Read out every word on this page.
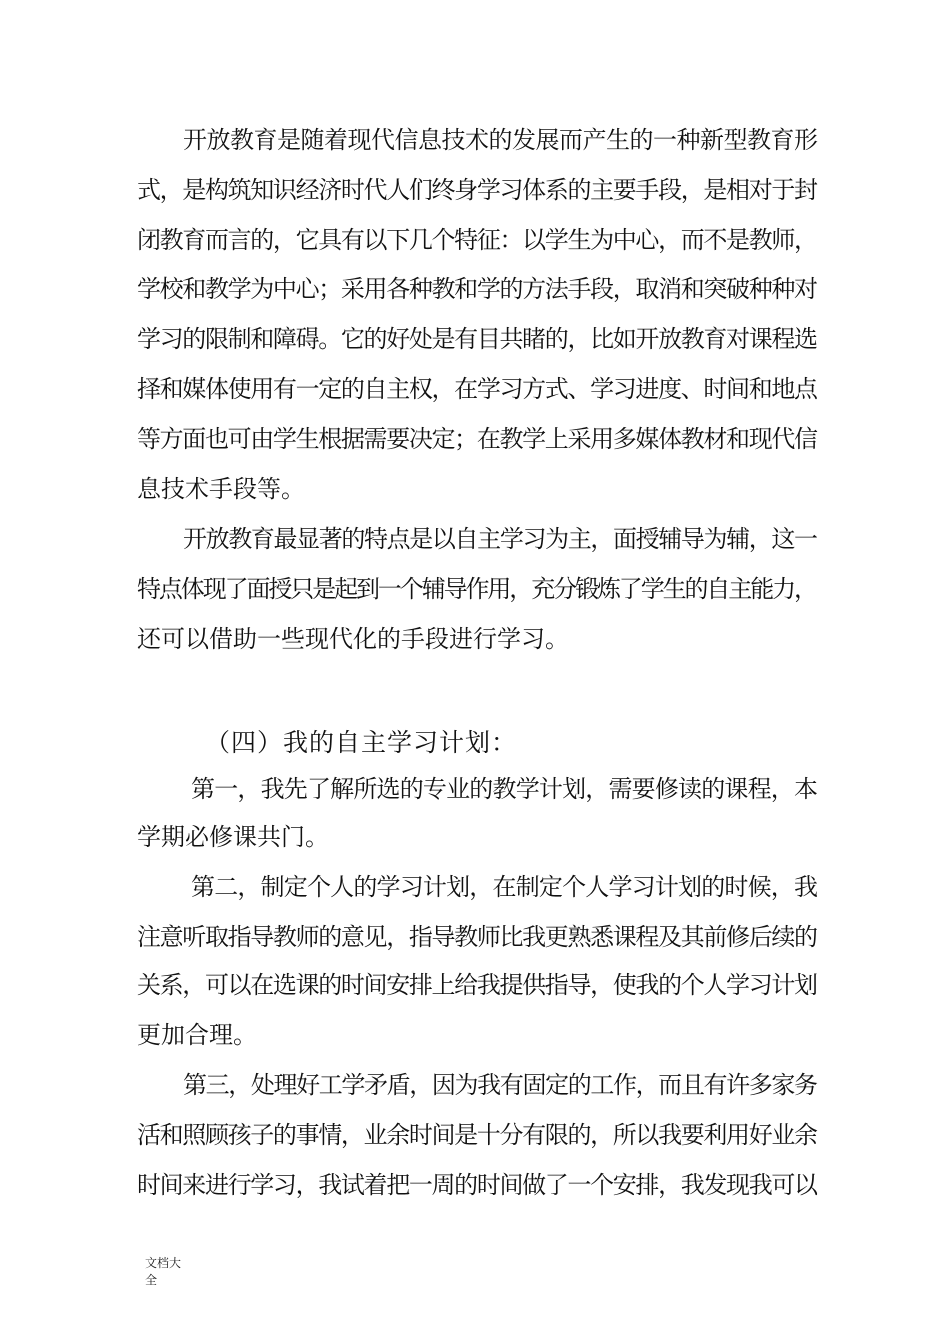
开放教育是随着现代信息技术的发展而产生的一种新型教育形
式，是构筑知识经济时代人们终身学习体系的主要手段，是相对于封
闭教育而言的，它具有以下几个特征：以学生为中心，而不是教师，
学校和教学为中心；采用各种教和学的方法手段，取消和突破种种对
学习的限制和障碍。它的好处是有目共睹的，比如开放教育对课程选
择和媒体使用有一定的自主权，在学习方式、学习进度、时间和地点
等方面也可由学生根据需要决定；在教学上采用多媒体教材和现代信
息技术手段等。
开放教育最显著的特点是以自主学习为主，面授辅导为辅，这一
特点体现了面授只是起到一个辅导作用，充分锻炼了学生的自主能力，
还可以借助一些现代化的手段进行学习。
（四）我的自主学习计划：
第一，我先了解所选的专业的教学计划，需要修读的课程，本
学期必修课共门。
第二，制定个人的学习计划，在制定个人学习计划的时候，我
注意听取指导教师的意见，指导教师比我更熟悉课程及其前修后续的
关系，可以在选课的时间安排上给我提供指导，使我的个人学习计划
更加合理。
第三，处理好工学矛盾，因为我有固定的工作，而且有许多家务
活和照顾孩子的事情，业余时间是十分有限的，所以我要利用好业余
时间来进行学习，我试着把一周的时间做了一个安排，我发现我可以
文档大
全
